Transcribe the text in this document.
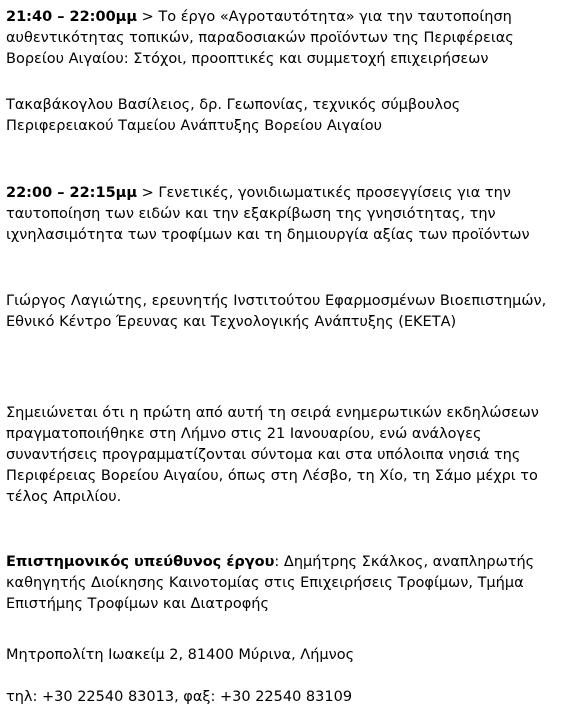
21:40 – 22:00μμ > Το έργο «Αγροταυτότητα» για την ταυτοποίηση αυθεντικότητας τοπικών, παραδοσιακών προϊόντων της Περιφέρειας Βορείου Αιγαίου: Στόχοι, προοπτικές και συμμετοχή επιχειρήσεων

Τακαβάκογλου Βασίλειος, δρ. Γεωπονίας, τεχνικός σύμβουλος Περιφερειακού Ταμείου Ανάπτυξης Βορείου Αιγαίου

22:00 – 22:15μμ > Γενετικές, γονιδιωματικές προσεγγίσεις για την ταυτοποίηση των ειδών και την εξακρίβωση της γνησιότητας, την ιχνηλασιμότητα των τροφίμων και τη δημιουργία αξίας των προϊόντων

Γιώργος Λαγιώτης, ερευνητής Ινστιτούτου Εφαρμοσμένων Βιοεπιστημών, Εθνικό Κέντρο Έρευνας και Τεχνολογικής Ανάπτυξης (ΕΚΕΤΑ)

Σημειώνεται ότι η πρώτη από αυτή τη σειρά ενημερωτικών εκδηλώσεων πραγματοποιήθηκε στη Λήμνο στις 21 Ιανουαρίου, ενώ ανάλογες συναντήσεις προγραμματίζονται σύντομα και στα υπόλοιπα νησιά της Περιφέρειας Βορείου Αιγαίου, όπως στη Λέσβο, τη Χίο, τη Σάμο μέχρι το τέλος Απριλίου.

Επιστημονικός υπεύθυνος έργου: Δημήτρης Σκάλκος, αναπληρωτής καθηγητής Διοίκησης Καινοτομίας στις Επιχειρήσεις Τροφίμων, Τμήμα Επιστήμης Τροφίμων και Διατροφής

Μητροπολίτη Ιωακείμ 2, 81400 Μύρινα, Λήμνος

τηλ: +30 22540 83013, φαξ: +30 22540 83109
